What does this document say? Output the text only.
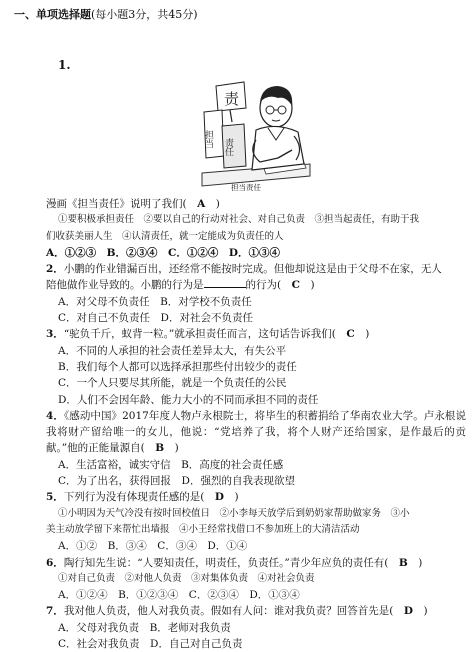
一、单项选择题(每小题3分，共45分)
1.
责
担当 责任
担当责任

漫画《担当责任》说明了我们(　 A　 )

①要积极承担责任　②要以自己的行动对社会、对自己负责　③担当起责任，有助于我

们收获美丽人生　④认清责任，就一定能成为负责任的人

A．①②③　B．②③④　C．①②④　D．①③④

2．小鹏的作业错漏百出，还经常不能按时完成。但他却说这是由于父母不在家，无人

陪他做作业导致的。小鹏的行为是	的行为(　 C　 )

A．对父母不负责任　B．对学校不负责任

C．对自己不负责任　D．对社会不负责任

3．“驼负千斤，蚁背一粒。”就承担责任而言，这句话告诉我们(　 C　 )

A．不同的人承担的社会责任差异太大，有失公平

B．我们每个人都可以选择承担那些付出较少的责任

C．一个人只要尽其所能，就是一个负责任的公民

D．人们不会因年龄、能力大小的不同而承担不同的责任

4．《感动中国》2017年度人物卢永根院士，将毕生的积蓄捐给了华南农业大学。卢永根说我将财产留给唯一的女儿，他说：“党培养了我，将个人财产还给国家，是作最后的贡献。”他的正能量源自(　 B　 )

A．生活富裕，诚实守信　B．高度的社会责任感

C．为了出名，获得回报　D．强烈的自我表现欲望

5．下列行为没有体现责任感的是(　 D　 )

①小明因为天气冷没有按时回校值日　②小李每天放学后到奶奶家帮助做家务　③小

美主动放学留下来帮忙出墙报　④小王经常找借口不参加班上的大清洁活动

A．①②　B．③④　C．③④　D．①④

6．陶行知先生说：“人要知责任，明责任，负责任。”青少年应负的责任有(　 B　 )

①对自己负责　②对他人负责　③对集体负责　④对社会负责

A．①②④　B．①②③④　C．②③④　D．①③④

7．我对他人负责，他人对我负责。假如有人问：谁对我负责？回答首先是(　 D　 )

A．父母对我负责　B．老师对我负责

C．社会对我负责　D．自己对自己负责
